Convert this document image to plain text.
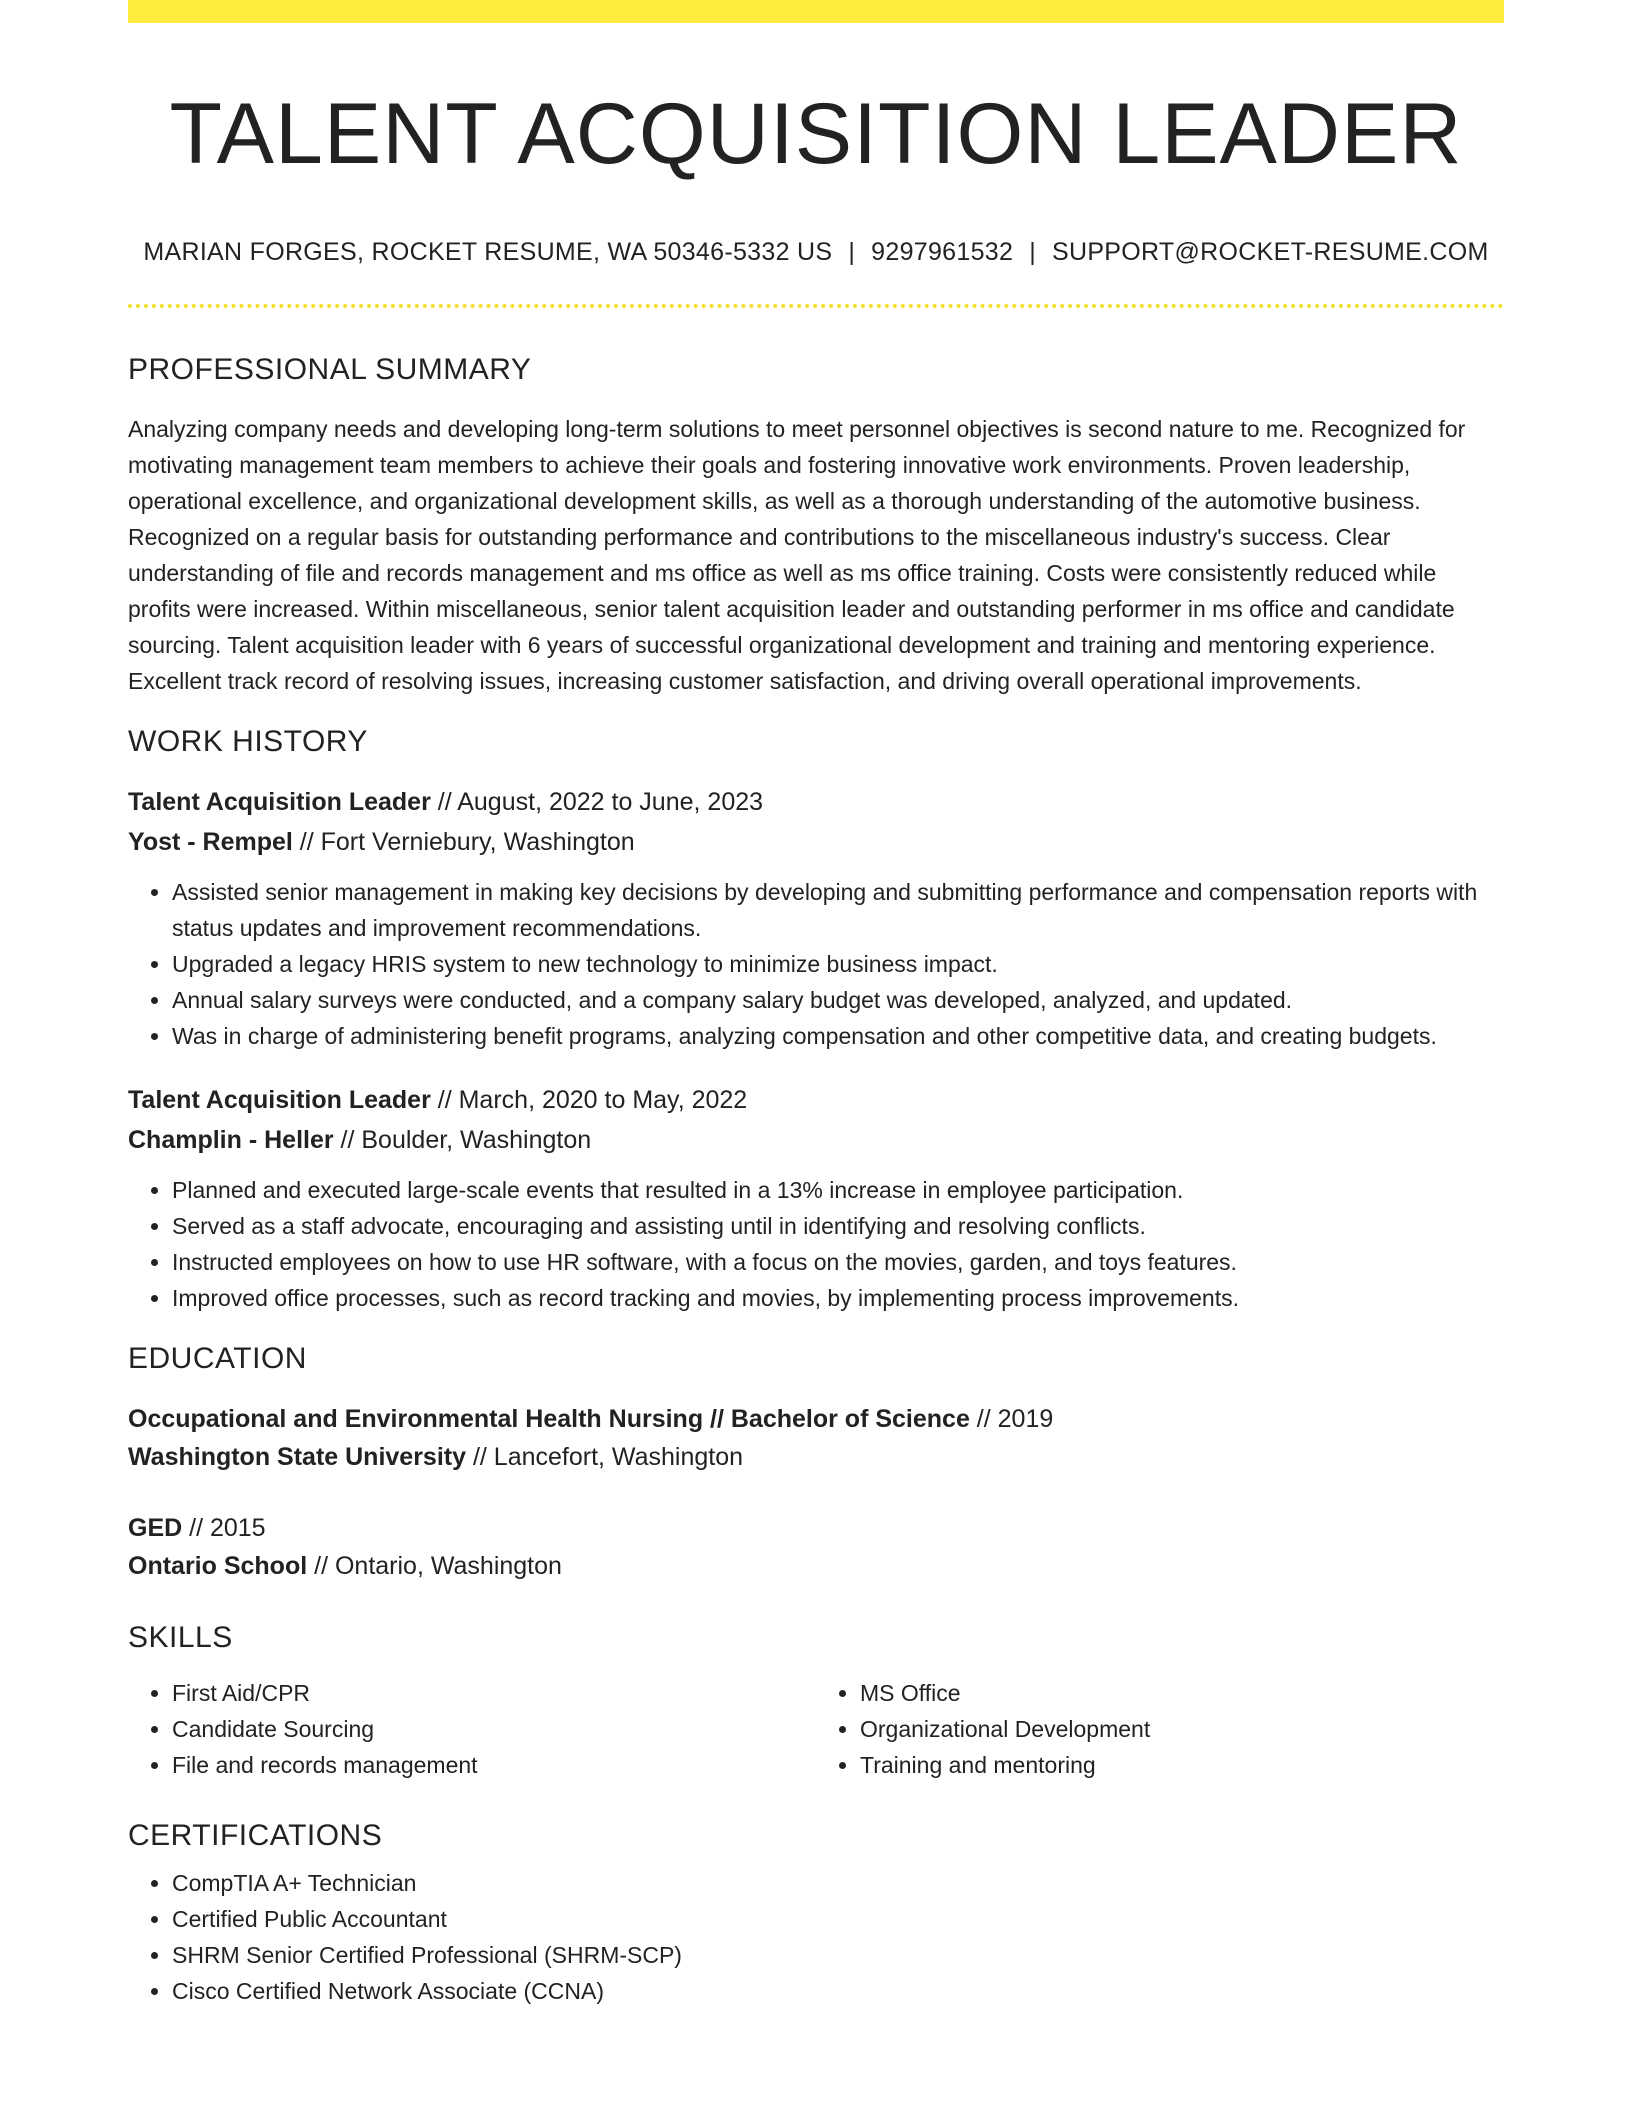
TALENT ACQUISITION LEADER
MARIAN FORGES, ROCKET RESUME, WA 50346-5332 US | 9297961532 | SUPPORT@ROCKET-RESUME.COM
PROFESSIONAL SUMMARY

Analyzing company needs and developing long-term solutions to meet personnel objectives is second nature to me. Recognized for motivating management team members to achieve their goals and fostering innovative work environments. Proven leadership, operational excellence, and organizational development skills, as well as a thorough understanding of the automotive business. Recognized on a regular basis for outstanding performance and contributions to the miscellaneous industry's success. Clear understanding of file and records management and ms office as well as ms office training. Costs were consistently reduced while profits were increased. Within miscellaneous, senior talent acquisition leader and outstanding performer in ms office and candidate sourcing. Talent acquisition leader with 6 years of successful organizational development and training and mentoring experience. Excellent track record of resolving issues, increasing customer satisfaction, and driving overall operational improvements.

WORK HISTORY
Talent Acquisition Leader // August, 2022 to June, 2023
Yost - Rempel // Fort Verniebury, Washington
• Assisted senior management in making key decisions by developing and submitting performance and compensation reports with status updates and improvement recommendations.
• Upgraded a legacy HRIS system to new technology to minimize business impact.
• Annual salary surveys were conducted, and a company salary budget was developed, analyzed, and updated.
• Was in charge of administering benefit programs, analyzing compensation and other competitive data, and creating budgets.
Talent Acquisition Leader // March, 2020 to May, 2022
Champlin - Heller // Boulder, Washington
• Planned and executed large-scale events that resulted in a 13% increase in employee participation.
• Served as a staff advocate, encouraging and assisting until in identifying and resolving conflicts.
• Instructed employees on how to use HR software, with a focus on the movies, garden, and toys features.
• Improved office processes, such as record tracking and movies, by implementing process improvements.
EDUCATION
Occupational and Environmental Health Nursing // Bachelor of Science // 2019
Washington State University // Lancefort, Washington
GED // 2015
Ontario School // Ontario, Washington
SKILLS
• First Aid/CPR
• Candidate Sourcing
• File and records management
• MS Office
• Organizational Development
• Training and mentoring
CERTIFICATIONS
• CompTIA A+ Technician
• Certified Public Accountant
• SHRM Senior Certified Professional (SHRM-SCP)
• Cisco Certified Network Associate (CCNA)
